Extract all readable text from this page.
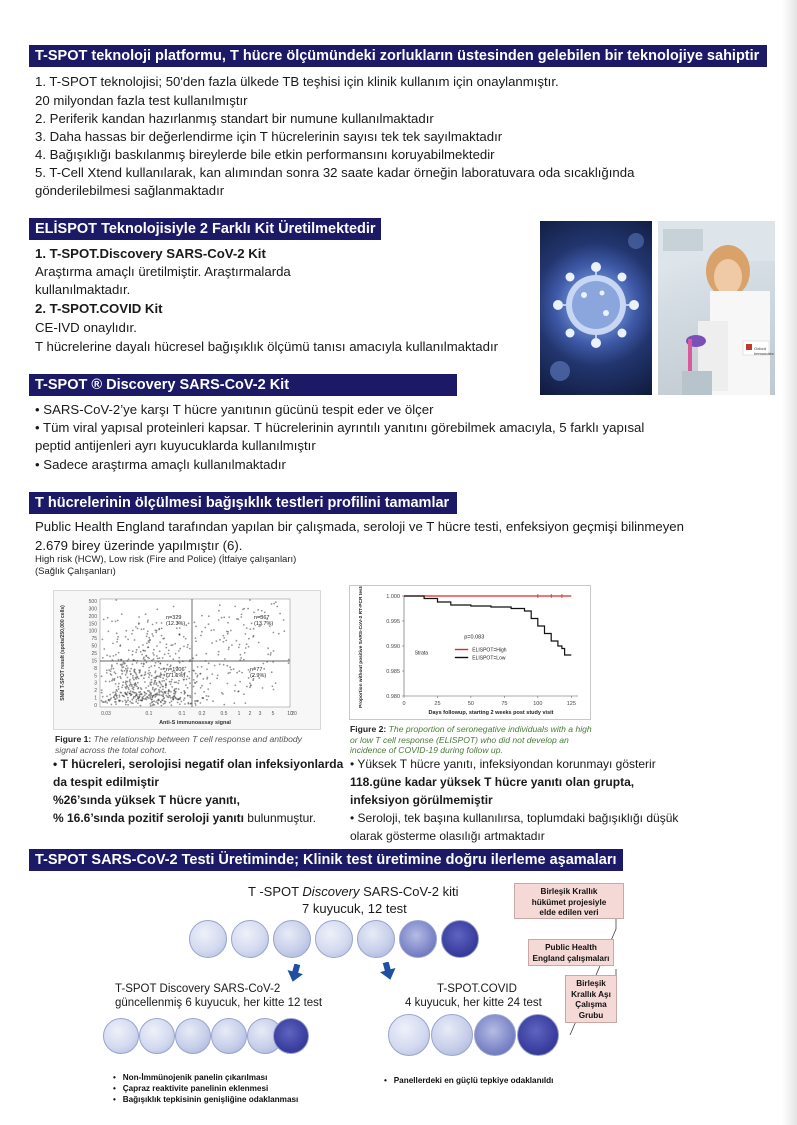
T-SPOT teknoloji platformu, T hücre ölçümündeki zorlukların üstesinden gelebilen bir teknolojiye sahiptir
1. T-SPOT teknolojisi; 50'den fazla ülkede TB teşhisi için klinik kullanım için onaylanmıştır.
20 milyondan fazla test kullanılmıştır
2. Periferik kandan hazırlanmış standart bir numune kullanılmaktadır
3. Daha hassas bir değerlendirme için T hücrelerinin sayısı tek tek sayılmaktadır
4. Bağışıklığı baskılanmış bireylerde bile etkin performansını koruyabilmektedir
5. T-Cell Xtend kullanılarak, kan alımından sonra 32 saate kadar örneğin laboratuvara oda sıcaklığında
gönderilebilmesi sağlanmaktadır
ELİSPOT Teknolojisiyle 2 Farklı Kit Üretilmektedir
1. T-SPOT.Discovery SARS-CoV-2 Kit
Araştırma amaçlı üretilmiştir. Araştırmalarda
kullanılmaktadır.
2. T-SPOT.COVID Kit
CE-IVD onaylıdır.
T hücrelerine dayalı hücresel bağışıklık ölçümü tanısı amacıyla kullanılmaktadır	Oxford Immunotec
T-SPOT ® Discovery SARS-CoV-2 Kit
• SARS-CoV-2’ye karşı T hücre yanıtının gücünü tespit eder ve ölçer
• Tüm viral yapısal proteinleri kapsar. T hücrelerinin ayrıntılı yanıtını görebilmek amacıyla, 5 farklı yapısal
peptid antijenleri ayrı kuyucuklarda kullanılmıştır
• Sadece araştırma amaçlı kullanılmaktadır
T hücrelerinin ölçülmesi bağışıklık testleri profilini tamamlar
Public Health England tarafından yapılan bir çalışmada, seroloji ve T hücre testi, enfeksiyon geçmişi bilinmeyen
2.679 birey üzerinde yapılmıştır (6).
High risk (HCW), Low risk (Fire and Police) (İtfaiye çalışanları)
(Sağlık Çalışanları)
500
300
200
150
100
75
50
25
15
8
5
3
2
1
0
0.03	0.1	0.1	0.2	0.5 1 2 3 5	10
20
Anti-S immunoassay signal
SNM T-SPOT result (spots/250,000 cells)	n=329
(12.3%)
n=367
(13.7%)
n=1906
(71.1%)
n=77
(2.9%)
Figure 1: The relationship between T cell response and antibody signal across the total cohort.
1.000
0.995
0.990
0.985
0.980
0	25	50	75	100	125
Days followup, starting 2 weeks post study visit
Proportion without positive SARS-CoV-2 RT-PCR tests	p=0.083
Strata	ELISPOT=High
ELISPOT=Low
Figure 2: The proportion of seronegative individuals with a high or low T cell response (ELISPOT) who did not develop an incidence of COVID-19 during follow up.
• T hücreleri, serolojisi negatif olan infeksiyonlarda
da tespit edilmiştir
%26’sında yüksek T hücre yanıtı,
% 16.6’sında pozitif seroloji yanıtı bulunmuştur.
• Yüksek T hücre yanıtı, infeksiyondan korunmayı gösterir
118.güne kadar yüksek T hücre yanıtı olan grupta,
infeksiyon görülmemiştir
• Seroloji, tek başına kullanılırsa, toplumdaki bağışıklığı düşük
olarak gösterme olasılığı artmaktadır
T-SPOT SARS-CoV-2 Testi Üretiminde; Klinik test üretimine doğru ilerleme aşamaları
T -SPOT Discovery SARS-CoV-2 kiti
7 kuyucuk, 12 test
T-SPOT Discovery SARS-CoV-2
güncellenmiş 6 kuyucuk, her kitte 12 test
T-SPOT.COVID
4 kuyucuk, her kitte 24 test
•   Non-İmmünojenik panelin çıkarılması
•   Çapraz reaktivite panelinin eklenmesi
•   Bağışıklık tepkisinin genişliğine odaklanması
•   Panellerdeki en güçlü tepkiye odaklanıldı
Birleşik Krallık
hükümet projesiyle
elde edilen veri
Public Health
England çalışmaları
Birleşik
Krallık Aşı
Çalışma
Grubu
